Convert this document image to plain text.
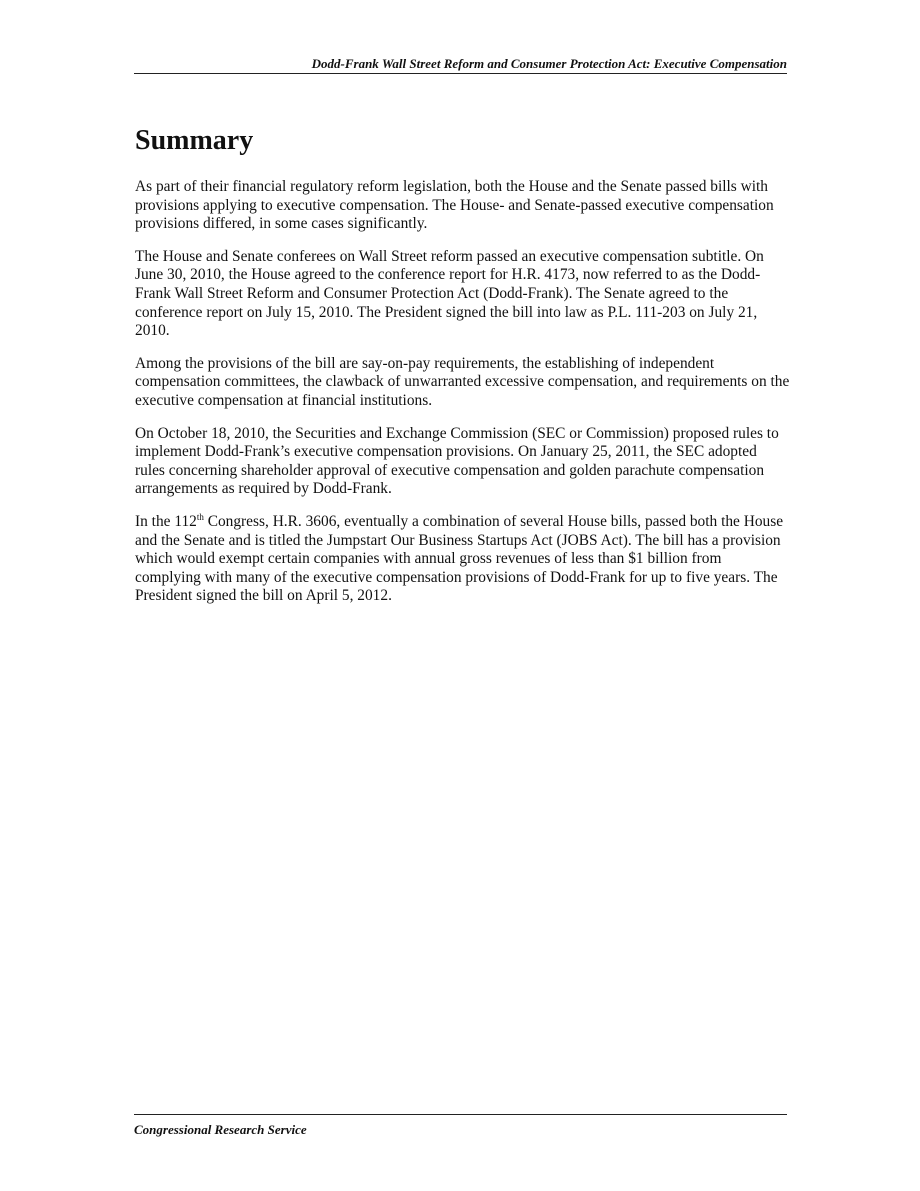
Dodd-Frank Wall Street Reform and Consumer Protection Act: Executive Compensation
Summary

As part of their financial regulatory reform legislation, both the House and the Senate passed bills with provisions applying to executive compensation. The House- and Senate-passed executive compensation provisions differed, in some cases significantly.

The House and Senate conferees on Wall Street reform passed an executive compensation subtitle. On June 30, 2010, the House agreed to the conference report for H.R. 4173, now referred to as the Dodd-Frank Wall Street Reform and Consumer Protection Act (Dodd-Frank). The Senate agreed to the conference report on July 15, 2010. The President signed the bill into law as P.L. 111-203 on July 21, 2010.

Among the provisions of the bill are say-on-pay requirements, the establishing of independent compensation committees, the clawback of unwarranted excessive compensation, and requirements on the executive compensation at financial institutions.

On October 18, 2010, the Securities and Exchange Commission (SEC or Commission) proposed rules to implement Dodd-Frank’s executive compensation provisions. On January 25, 2011, the SEC adopted rules concerning shareholder approval of executive compensation and golden parachute compensation arrangements as required by Dodd-Frank.

In the 112th Congress, H.R. 3606, eventually a combination of several House bills, passed both the House and the Senate and is titled the Jumpstart Our Business Startups Act (JOBS Act). The bill has a provision which would exempt certain companies with annual gross revenues of less than $1 billion from complying with many of the executive compensation provisions of Dodd-Frank for up to five years. The President signed the bill on April 5, 2012.

Congressional Research Service
